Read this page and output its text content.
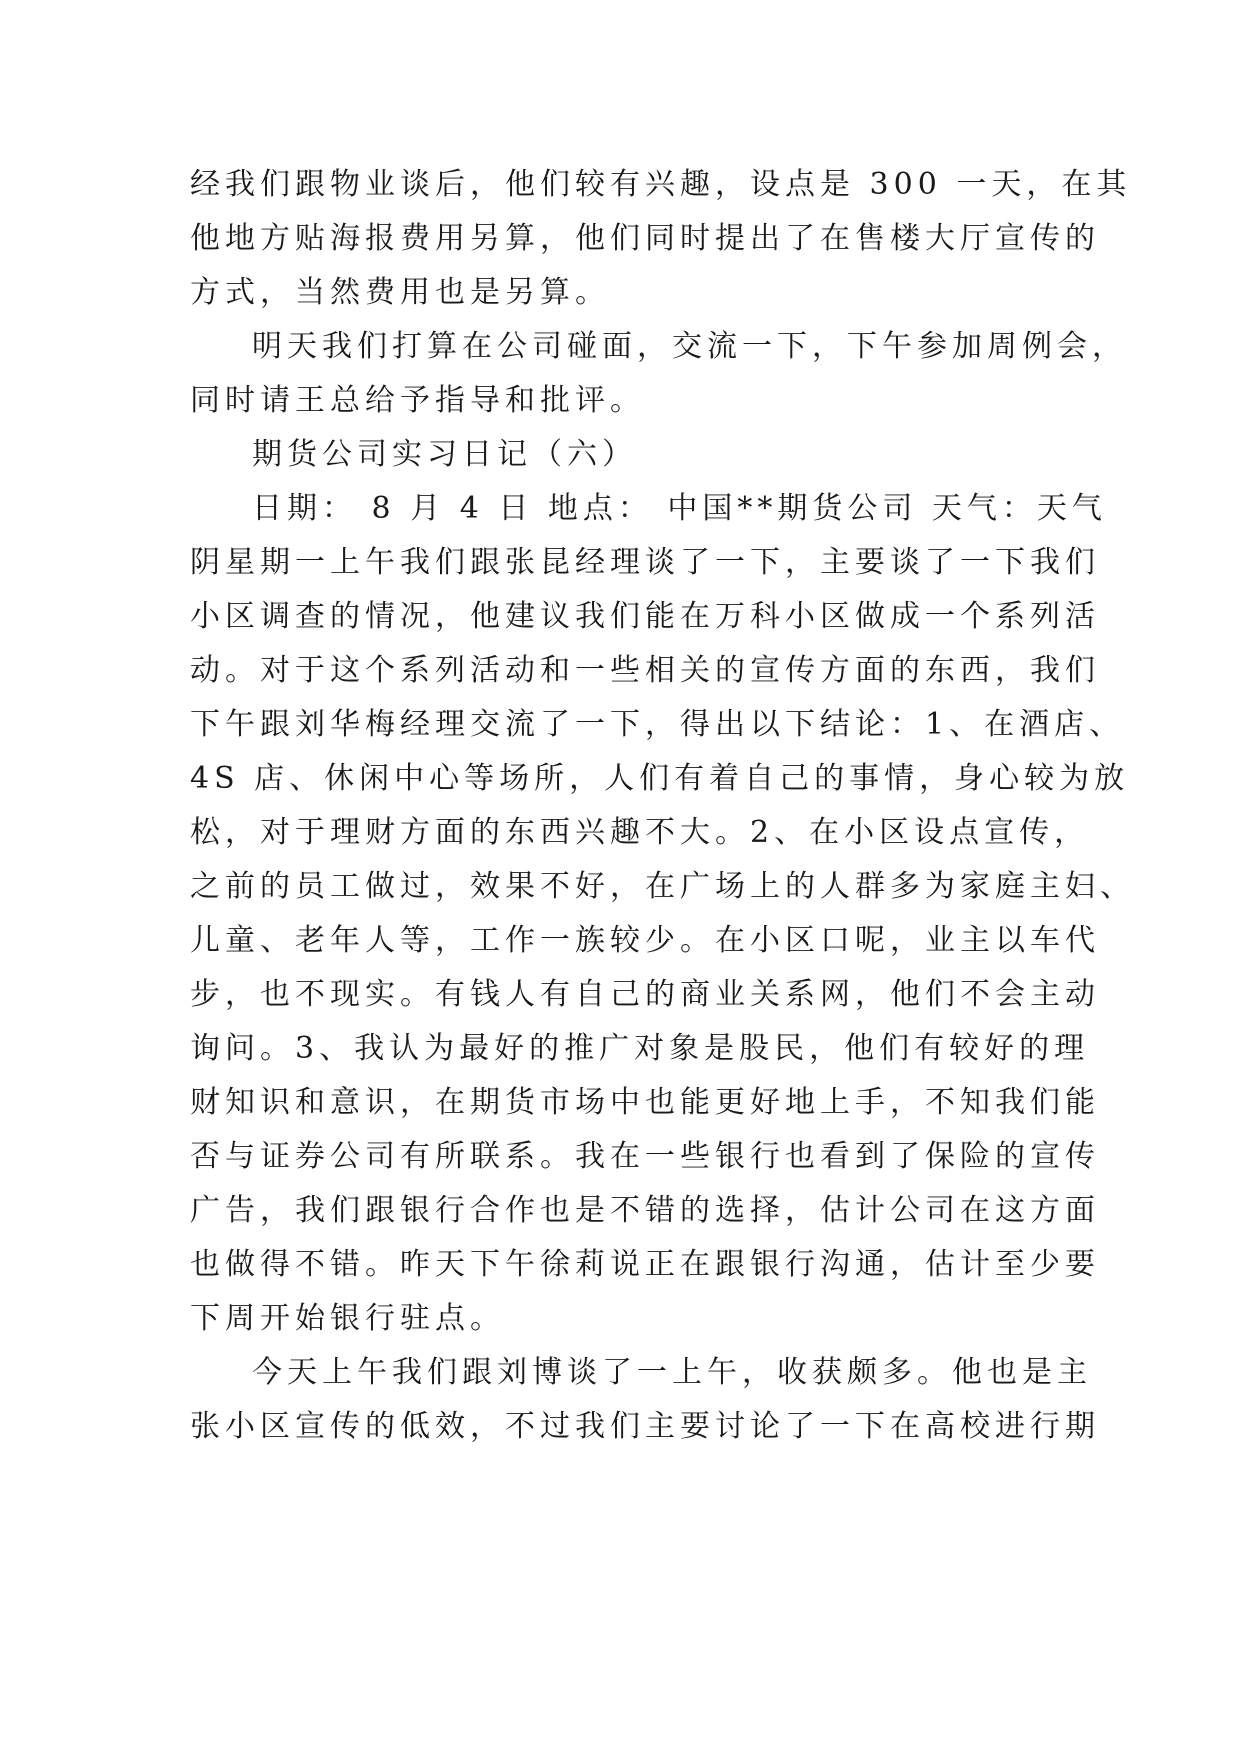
经我们跟物业谈后，他们较有兴趣，设点是 300 一天，在其
他地方贴海报费用另算，他们同时提出了在售楼大厅宣传的
方式，当然费用也是另算。
明天我们打算在公司碰面，交流一下，下午参加周例会，
同时请王总给予指导和批评。
期货公司实习日记（六）
日期： 8 月 4 日 地点： 中国**期货公司 天气：天气
阴星期一上午我们跟张昆经理谈了一下，主要谈了一下我们
小区调查的情况，他建议我们能在万科小区做成一个系列活
动。对于这个系列活动和一些相关的宣传方面的东西，我们
下午跟刘华梅经理交流了一下，得出以下结论：1、在酒店、
4S 店、休闲中心等场所，人们有着自己的事情，身心较为放
松，对于理财方面的东西兴趣不大。2、在小区设点宣传，
之前的员工做过，效果不好，在广场上的人群多为家庭主妇、
儿童、老年人等，工作一族较少。在小区口呢，业主以车代
步，也不现实。有钱人有自己的商业关系网，他们不会主动
询问。3、我认为最好的推广对象是股民，他们有较好的理
财知识和意识，在期货市场中也能更好地上手，不知我们能
否与证券公司有所联系。我在一些银行也看到了保险的宣传
广告，我们跟银行合作也是不错的选择，估计公司在这方面
也做得不错。昨天下午徐莉说正在跟银行沟通，估计至少要
下周开始银行驻点。
今天上午我们跟刘博谈了一上午，收获颇多。他也是主
张小区宣传的低效，不过我们主要讨论了一下在高校进行期
